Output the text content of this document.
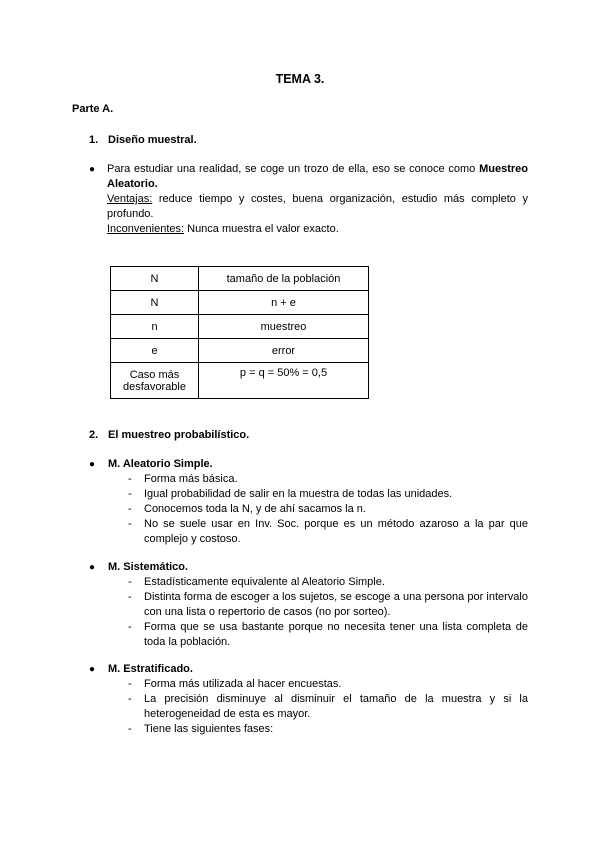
TEMA 3.
Parte A.
1. Diseño muestral.
● Para estudiar una realidad, se coge un trozo de ella, eso se conoce como Muestreo Aleatorio.
Ventajas: reduce tiempo y costes, buena organización, estudio más completo y profundo.
Inconvenientes: Nunca muestra el valor exacto.
N	tamaño de la población
N	n + e
n	muestreo
e	error
Caso más desfavorable	p = q = 50% = 0,5
2. El muestreo probabilístico.
● M. Aleatorio Simple.
- Forma más básica.
- Igual probabilidad de salir en la muestra de todas las unidades.
- Conocemos toda la N, y de ahí sacamos la n.
- No se suele usar en Inv. Soc. porque es un método azaroso a la par que complejo y costoso.
● M. Sistemático.
- Estadísticamente equivalente al Aleatorio Simple.
- Distinta forma de escoger a los sujetos, se escoge a una persona por intervalo con una lista o repertorio de casos (no por sorteo).
- Forma que se usa bastante porque no necesita tener una lista completa de toda la población.
● M. Estratificado.
- Forma más utilizada al hacer encuestas.
- La precisión disminuye al disminuir el tamaño de la muestra y si la heterogeneidad de esta es mayor.
- Tiene las siguientes fases:
